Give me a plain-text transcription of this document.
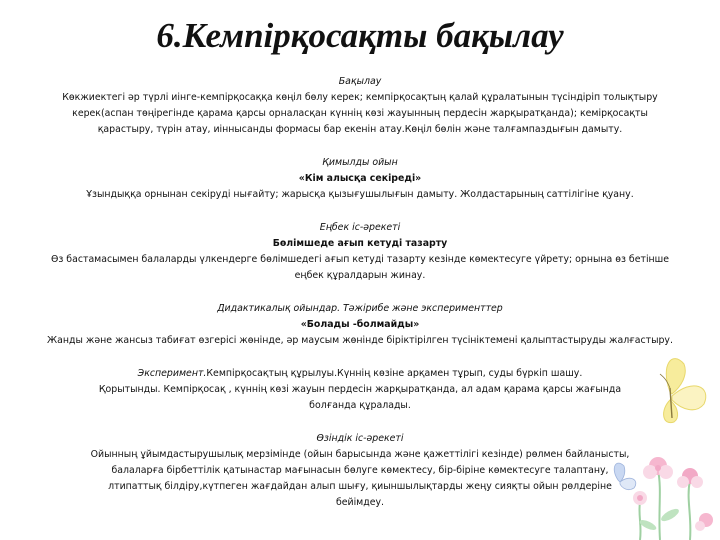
6.Кемпірқосақты бақылау
Бақылау
Көкжиектегі әр түрлі иінге-кемпірқосаққа көңіл бөлу керек; кемпірқосақтың қалай құралатынын түсіндіріп толықтыру
керек(аспан төңірегінде қарама қарсы орналасқан күннің көзі жауынның пердесін жарқыратқанда); кемірқосақты
қарастыру, түрін атау, иіннысанды формасы бар екенін атау.Көңіл бөлін және талғампаздығын дамыту.
Қимылды ойын
«Кім алысқа секіреді»
Ұзындыққа орнынан секіруді нығайту; жарысқа қызығушылығын дамыту. Жолдастарының саттілігіне қуану.
Еңбек іс-әрекеті
Бөлімшеде ағып кетуді тазарту
Өз бастамасымен балаларды үлкендерге бөлімшедегі ағып кетуді тазарту кезінде көмектесуге үйрету; орнына өз бетінше
еңбек құралдарын жинау.
Дидактикалық ойындар. Тәжірибе және эксперименттер
«Болады -болмайды»
Жанды және жансыз табиғат өзгерісі жөнінде, әр маусым жөнінде біріктірілген түсініктемені қалыптастыруды жалғастыру.
Эксперимент.Кемпірқосақтың құрылуы.Күннің көзіне арқамен тұрып, суды бүркіп шашу.
Қорытынды. Кемпірқосақ , күннің көзі жауын пердесін жарқыратқанда, ал адам қарама қарсы жағында
болғанда құралады.
Өзіндік іс-әрекеті
Ойынның ұйымдастырушылық мерзімінде (ойын барысында және қажеттілігі кезінде) рөлмен байланысты,
балаларға бірбеттілік қатынастар мағынасын бөлуге көмектесу, бір-біріне көмектесуге талаптану,
лтипаттық білдіру,күтпеген жағдайдан алып шығу, қиыншылықтарды жеңу сияқты ойын рөлдеріне
бейімдеу.
